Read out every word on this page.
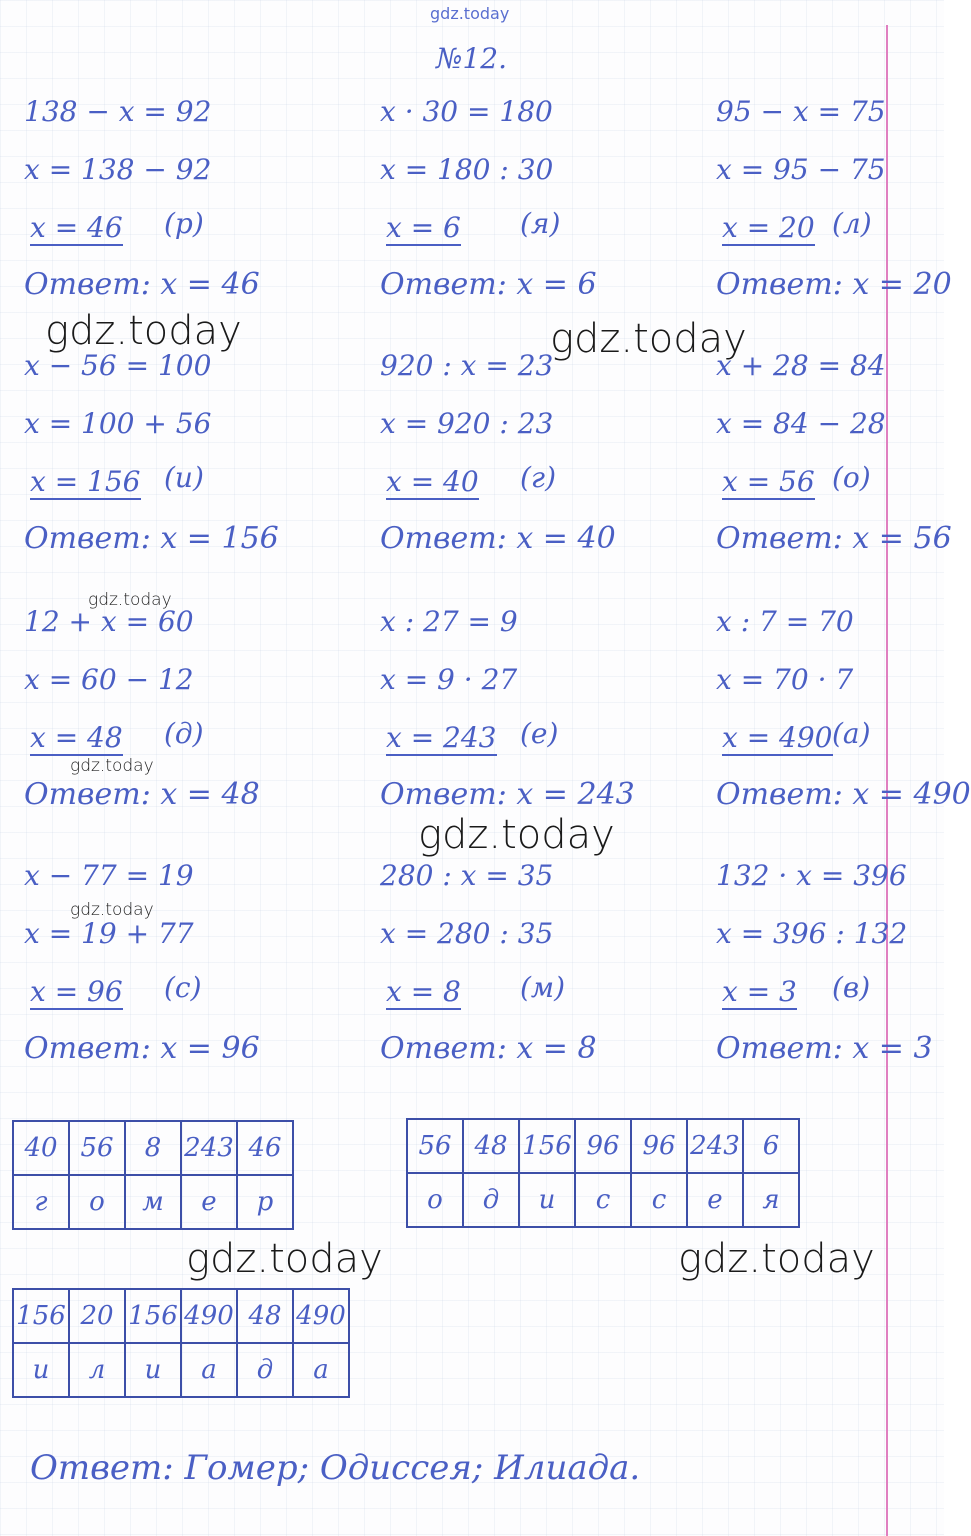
gdz.today
№12.
138 − x = 92
x = 138 − 92
x = 46 (р)
Ответ: x = 46
x − 56 = 100
x = 100 + 56
x = 156 (и)
Ответ: x = 156
12 + x = 60
x = 60 − 12
x = 48 (д)
Ответ: x = 48
x − 77 = 19
x = 19 + 77
x = 96 (с)
Ответ: x = 96
x · 30 = 180
x = 180 : 30
x = 6 (я)
Ответ: x = 6
920 : x = 23
x = 920 : 23
x = 40 (г)
Ответ: x = 40
x : 27 = 9
x = 9 · 27
x = 243 (е)
Ответ: x = 243
280 : x = 35
x = 280 : 35
x = 8 (м)
Ответ: x = 8
95 − x = 75
x = 95 − 75
x = 20 (л)
Ответ: x = 20
x + 28 = 84
x = 84 − 28
x = 56 (о)
Ответ: x = 56
x : 7 = 70
x = 70 · 7
x = 490 (а)
Ответ: x = 490
132 · x = 396
x = 396 : 132
x = 3 (в)
Ответ: x = 3
gdz.today	gdz.today
gdz.today
gdz.today
gdz.today
gdz.today
gdz.today	gdz.today
40	56	8	243	46
г	о	м	е	р
56	48	156	96	96	243	6
о	д	и	с	с	е	я
156	20	156	490	48	490
и	л	и	а	д	а
Ответ: Гомер; Одиссея; Илиада.
